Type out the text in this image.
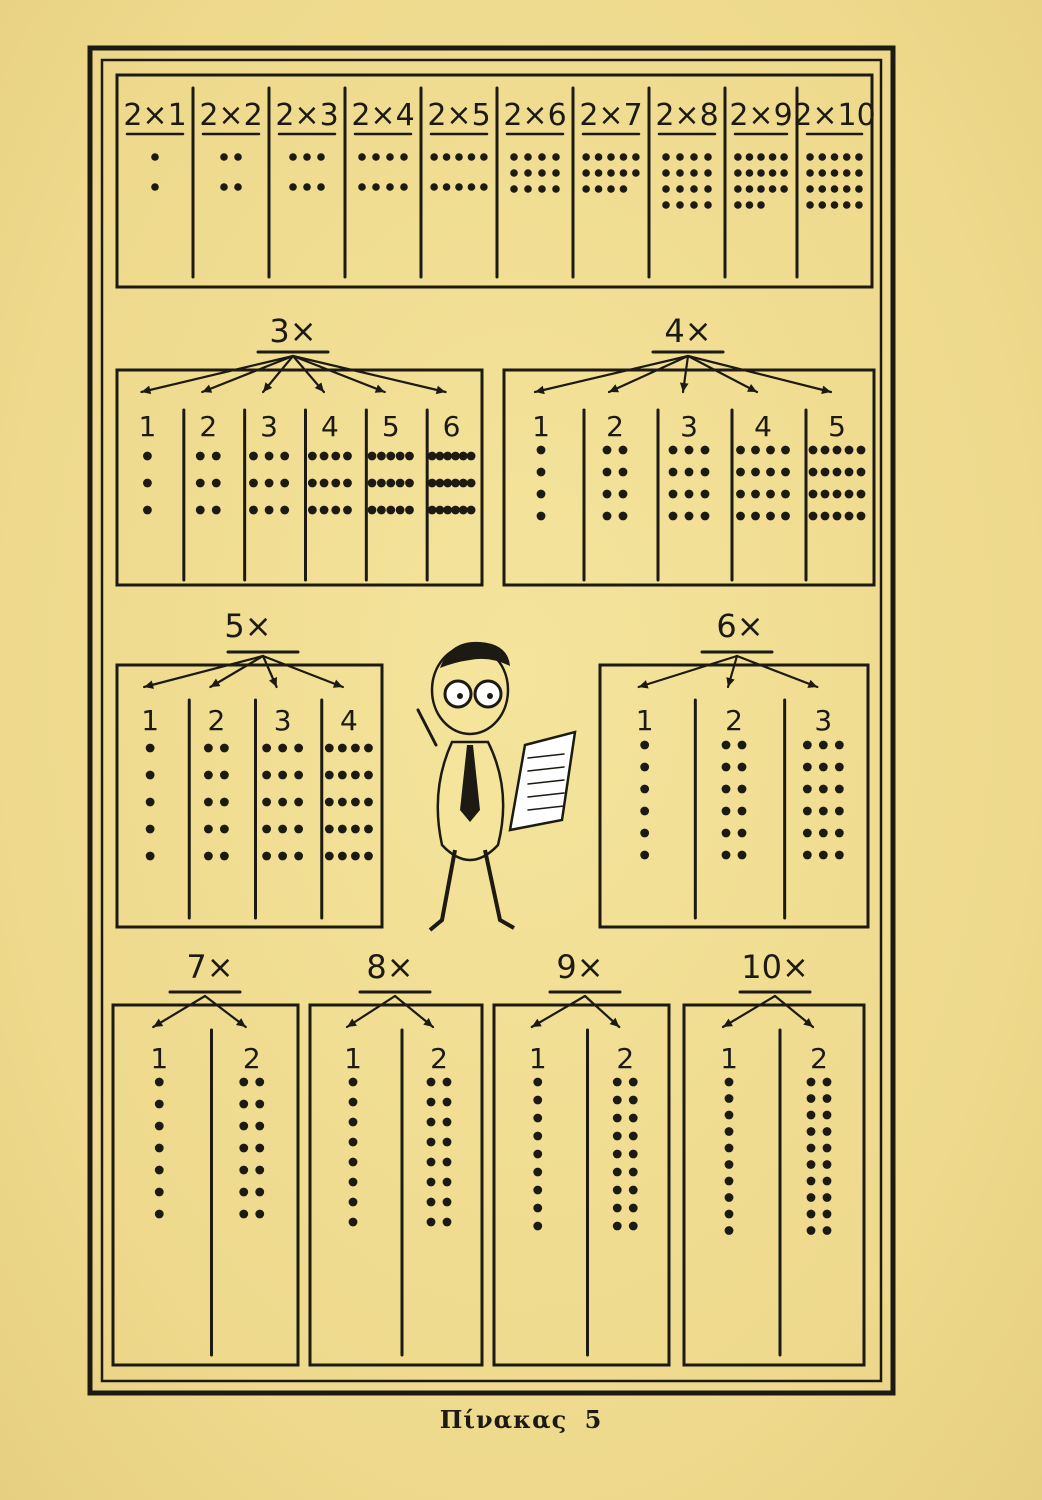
2×1 2×2 2×3 2×4 2×5 2×6 2×7 2×8 2×9 2×10
3×
1 2 3 4 5 6
4×
1 2 3 4 5
5×
1 2 3 4
6×
1	2	3
7×
1	2
8×
1 2
9×
1 2
10×
1	2
Πίνακας 5
